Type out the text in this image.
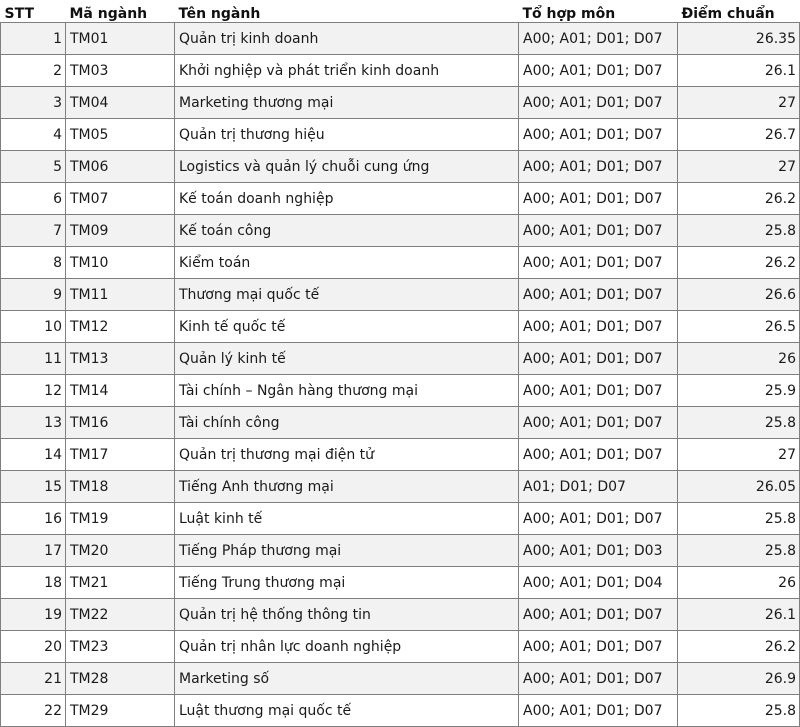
STT	Mã ngành	Tên ngành	Tổ hợp môn	Điểm chuẩn
1	TM01	Quản trị kinh doanh	A00; A01; D01; D07	26.35
2	TM03	Khởi nghiệp và phát triển kinh doanh	A00; A01; D01; D07	26.1
3	TM04	Marketing thương mại	A00; A01; D01; D07	27
4	TM05	Quản trị thương hiệu	A00; A01; D01; D07	26.7
5	TM06	Logistics và quản lý chuỗi cung ứng	A00; A01; D01; D07	27
6	TM07	Kế toán doanh nghiệp	A00; A01; D01; D07	26.2
7	TM09	Kế toán công	A00; A01; D01; D07	25.8
8	TM10	Kiểm toán	A00; A01; D01; D07	26.2
9	TM11	Thương mại quốc tế	A00; A01; D01; D07	26.6
10	TM12	Kinh tế quốc tế	A00; A01; D01; D07	26.5
11	TM13	Quản lý kinh tế	A00; A01; D01; D07	26
12	TM14	Tài chính – Ngân hàng thương mại	A00; A01; D01; D07	25.9
13	TM16	Tài chính công	A00; A01; D01; D07	25.8
14	TM17	Quản trị thương mại điện tử	A00; A01; D01; D07	27
15	TM18	Tiếng Anh thương mại	A01; D01; D07	26.05
16	TM19	Luật kinh tế	A00; A01; D01; D07	25.8
17	TM20	Tiếng Pháp thương mại	A00; A01; D01; D03	25.8
18	TM21	Tiếng Trung thương mại	A00; A01; D01; D04	26
19	TM22	Quản trị hệ thống thông tin	A00; A01; D01; D07	26.1
20	TM23	Quản trị nhân lực doanh nghiệp	A00; A01; D01; D07	26.2
21	TM28	Marketing số	A00; A01; D01; D07	26.9
22	TM29	Luật thương mại quốc tế	A00; A01; D01; D07	25.8
